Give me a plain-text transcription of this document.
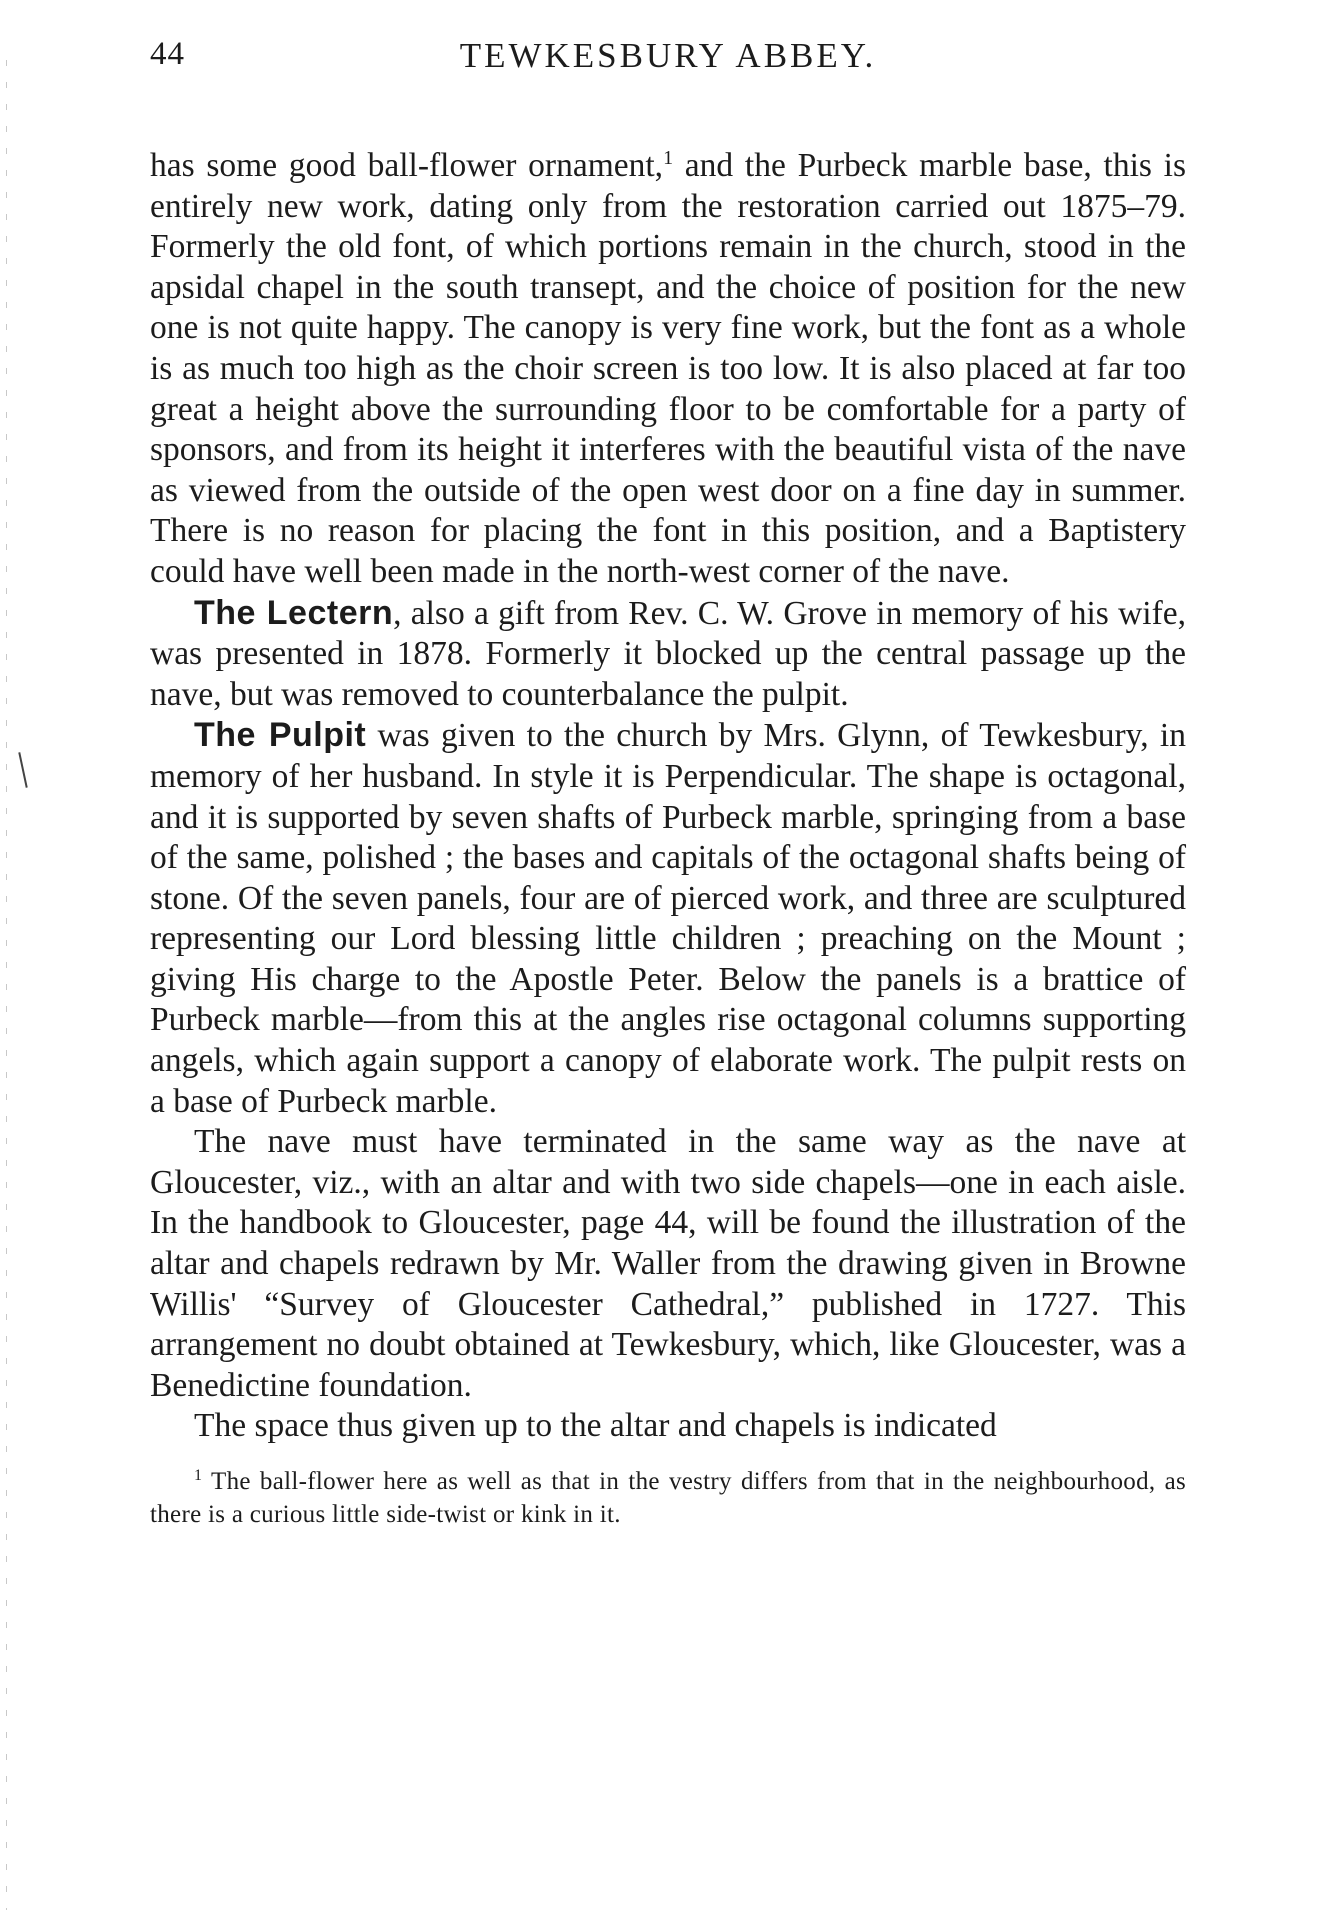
44	TEWKESBURY ABBEY.

has some good ball-flower ornament,$^1$ and the Purbeck marble base, this is entirely new work, dating only from the restoration carried out 1875–79. Formerly the old font, of which portions remain in the church, stood in the apsidal chapel in the south transept, and the choice of position for the new one is not quite happy. The canopy is very fine work, but the font as a whole is as much too high as the choir screen is too low. It is also placed at far too great a height above the surrounding floor to be comfortable for a party of sponsors, and from its height it interferes with the beautiful vista of the nave as viewed from the outside of the open west door on a fine day in summer. There is no reason for placing the font in this position, and a Baptistery could have well been made in the north-west corner of the nave.

The Lectern, also a gift from Rev. C. W. Grove in memory of his wife, was presented in 1878. Formerly it blocked up the central passage up the nave, but was removed to counterbalance the pulpit.

The Pulpit was given to the church by Mrs. Glynn, of Tewkesbury, in memory of her husband. In style it is Perpendicular. The shape is octagonal, and it is supported by seven shafts of Purbeck marble, springing from a base of the same, polished ; the bases and capitals of the octagonal shafts being of stone. Of the seven panels, four are of pierced work, and three are sculptured representing our Lord blessing little children ; preaching on the Mount ; giving His charge to the Apostle Peter. Below the panels is a brattice of Purbeck marble—from this at the angles rise octagonal columns supporting angels, which again support a canopy of elaborate work. The pulpit rests on a base of Purbeck marble.

The nave must have terminated in the same way as the nave at Gloucester, viz., with an altar and with two side chapels—one in each aisle. In the handbook to Gloucester, page 44, will be found the illustration of the altar and chapels redrawn by Mr. Waller from the drawing given in Browne Willis' “Survey of Gloucester Cathedral,” published in 1727. This arrangement no doubt obtained at Tewkesbury, which, like Gloucester, was a Benedictine foundation.

The space thus given up to the altar and chapels is indicated

$^1$ The ball-flower here as well as that in the vestry differs from that in the neighbourhood, as there is a curious little side-twist or kink in it.
